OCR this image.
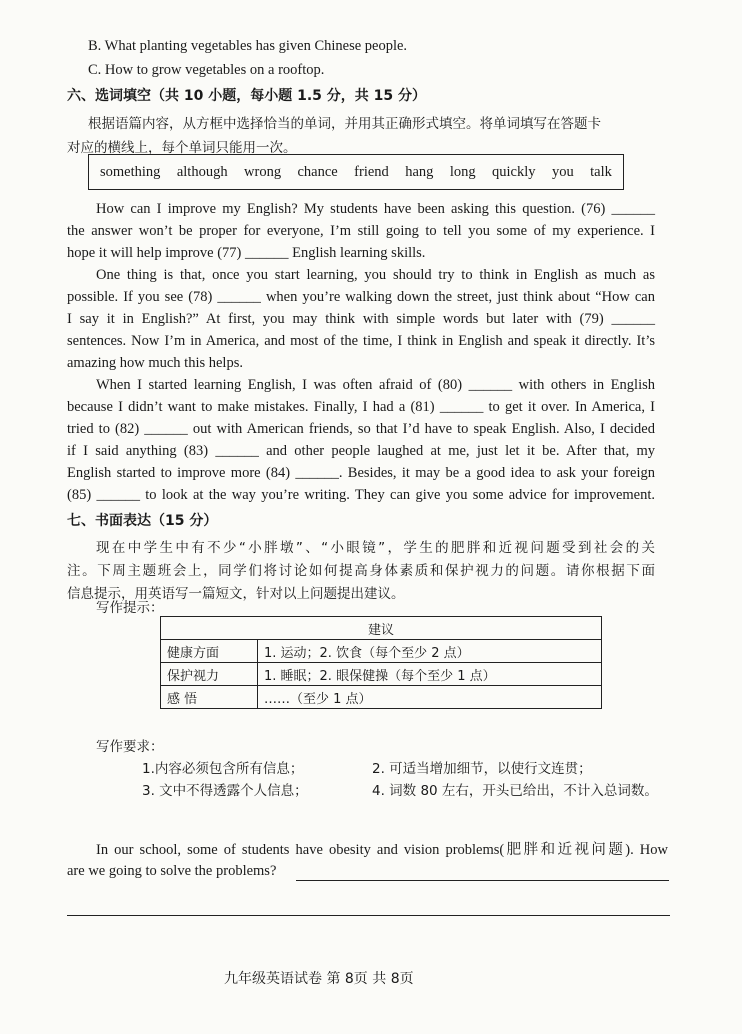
B. What planting vegetables has given Chinese people.
C. How to grow vegetables on a rooftop.
六、选词填空（共 10 小题，每小题 1.5 分，共 15 分）
根据语篇内容，从方框中选择恰当的单词，并用其正确形式填空。将单词填写在答题卡
对应的横线上，每个单词只能用一次。
something although wrong chance friend hang long quickly you talk
How can I improve my English? My students have been asking this question. (76) ______
the answer won’t be proper for everyone, I’m still going to tell you some of my experience. I
hope it will help improve (77) ______ English learning skills.
One thing is that, once you start learning, you should try to think in English as much as
possible. If you see (78) ______ when you’re walking down the street, just think about “How can
I say it in English?” At first, you may think with simple words but later with (79) ______
sentences. Now I’m in America, and most of the time, I think in English and speak it directly. It’s
amazing how much this helps.
When I started learning English, I was often afraid of (80) ______ with others in English
because I didn’t want to make mistakes. Finally, I had a (81) ______ to get it over. In America, I
tried to (82) ______ out with American friends, so that I’d have to speak English. Also, I decided
if I said anything (83) ______ and other people laughed at me, just let it be. After that, my
English started to improve more (84) ______. Besides, it may be a good idea to ask your foreign
(85) ______ to look at the way you’re writing. They can give you some advice for improvement.
七、书面表达（15 分）
现在中学生中有不少“小胖墩”、“小眼镜”，学生的肥胖和近视问题受到社会的关
注。下周主题班会上，同学们将讨论如何提高身体素质和保护视力的问题。请你根据下面
信息提示，用英语写一篇短文，针对以上问题提出建议。
写作提示：
建议	
健康方面	1. 运动；2. 饮食（每个至少 2 点）
保护视力	1. 睡眠；2. 眼保健操（每个至少 1 点）
感 悟	……（至少 1 点）
写作要求：
1.内容必须包含所有信息；	2. 可适当增加细节，以使行文连贯；
3. 文中不得透露个人信息；	4. 词数 80 左右，开头已给出，不计入总词数。
In our school, some of students have obesity and vision problems(肥胖和近视问题). How
are we going to solve the problems?
九年级英语试卷 第 8页 共 8页
